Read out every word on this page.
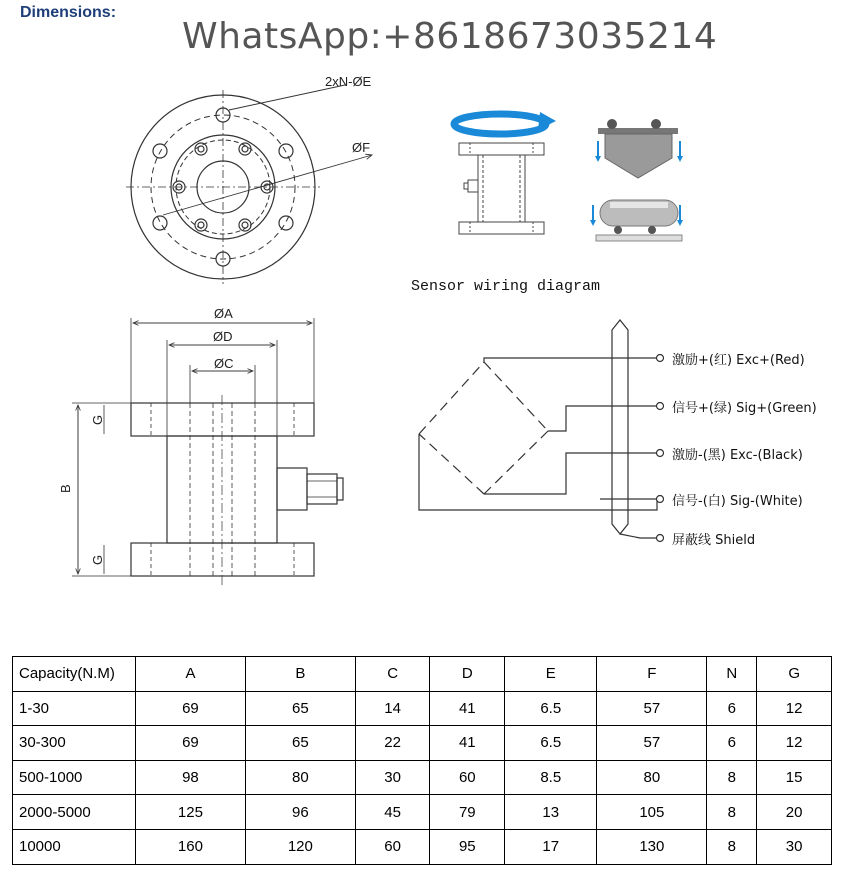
Dimensions:
WhatsApp:+8618673035214
2xN-ØE
ØF
ØA
ØD
ØC
B
G
G
Sensor wiring diagram
激励+(红) Exc+(Red)
信号+(绿) Sig+(Green)
激励-(黑) Exc-(Black)
信号-(白) Sig-(White)
屏蔽线 Shield
Capacity(N.M)	A	B	C	D	E	F	N	G
1-30	69	65	14	41	6.5	57	6	12
30-300	69	65	22	41	6.5	57	6	12
500-1000	98	80	30	60	8.5	80	8	15
2000-5000	125	96	45	79	13	105	8	20
10000	160	120	60	95	17	130	8	30
